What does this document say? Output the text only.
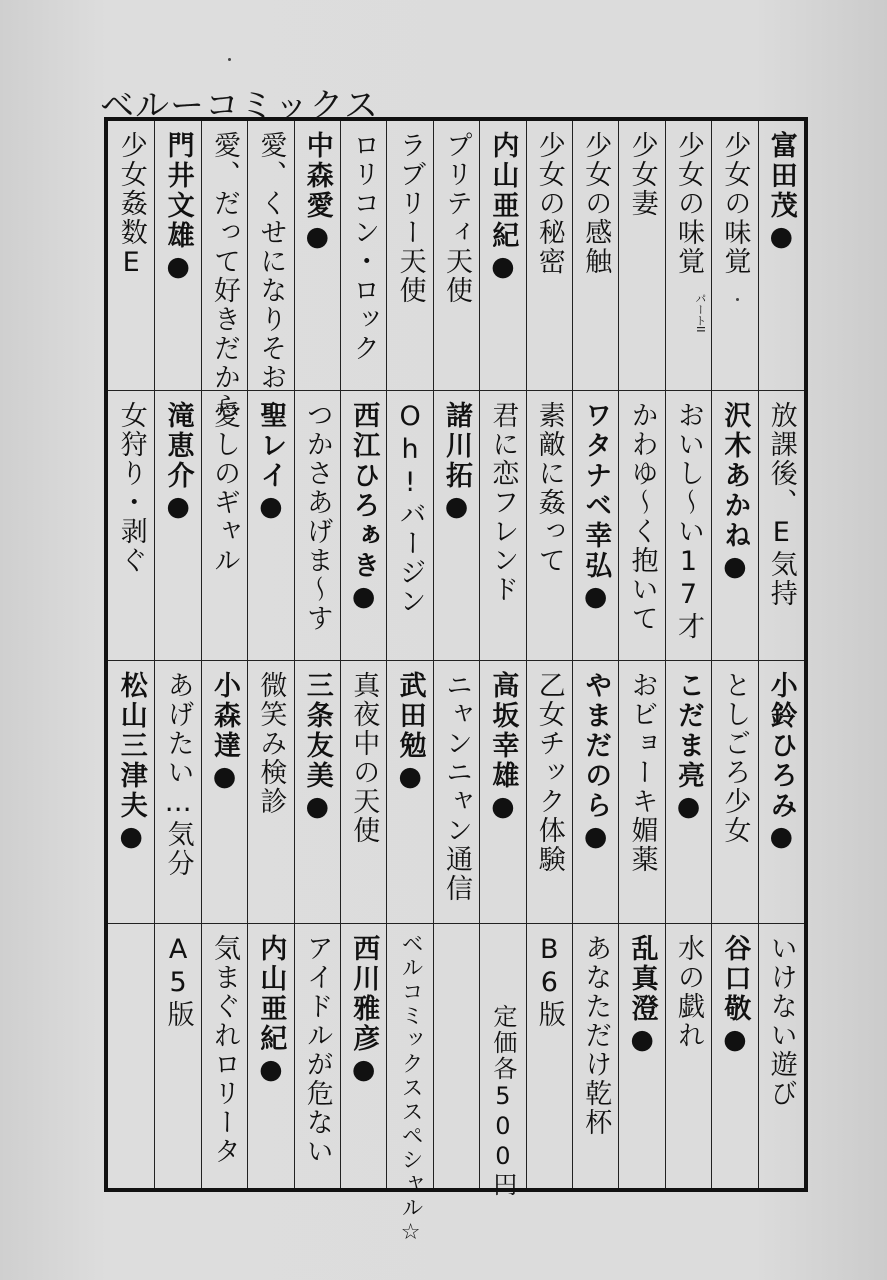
ベルーコミックス
●富田茂
少女の味覚
少女の味覚
パートII
少女妻
少女の感触
少女の秘密
●内山亜紀
プリティ天使
ラブリー天使
ロリコン・ロック
●中森愛
愛、くせになりそお
愛、だって好きだから
●門井文雄
少女姦数E
放課後、E気持
●沢木あかね
おいし〜い17才
かわゆ〜く抱いて
●ワタナベ幸弘
素敵に姦って
君に恋フレンド
●諸川拓
Oh!バージン
●西江ひろぁき
つかさあげま〜す
●聖レイ
愛しのギャル
●滝恵介
女狩り・剥ぐ
●小鈴ひろみ
としごろ少女
●こだま亮
おビョーキ媚薬
●やまだのら
乙女チック体験
●高坂幸雄
ニャンニャン通信
●武田勉
真夜中の天使
●三条友美
微笑み検診
●小森達
あげたい…気分
●松山三津夫
いけない遊び
●谷口敬
水の戯れ
●乱真澄
あなただけ乾杯
B6版
定価各500円
☆ベルコミックススペシャル
●西川雅彦
アイドルが危ない
●内山亜紀
気まぐれロリータ
A5版
